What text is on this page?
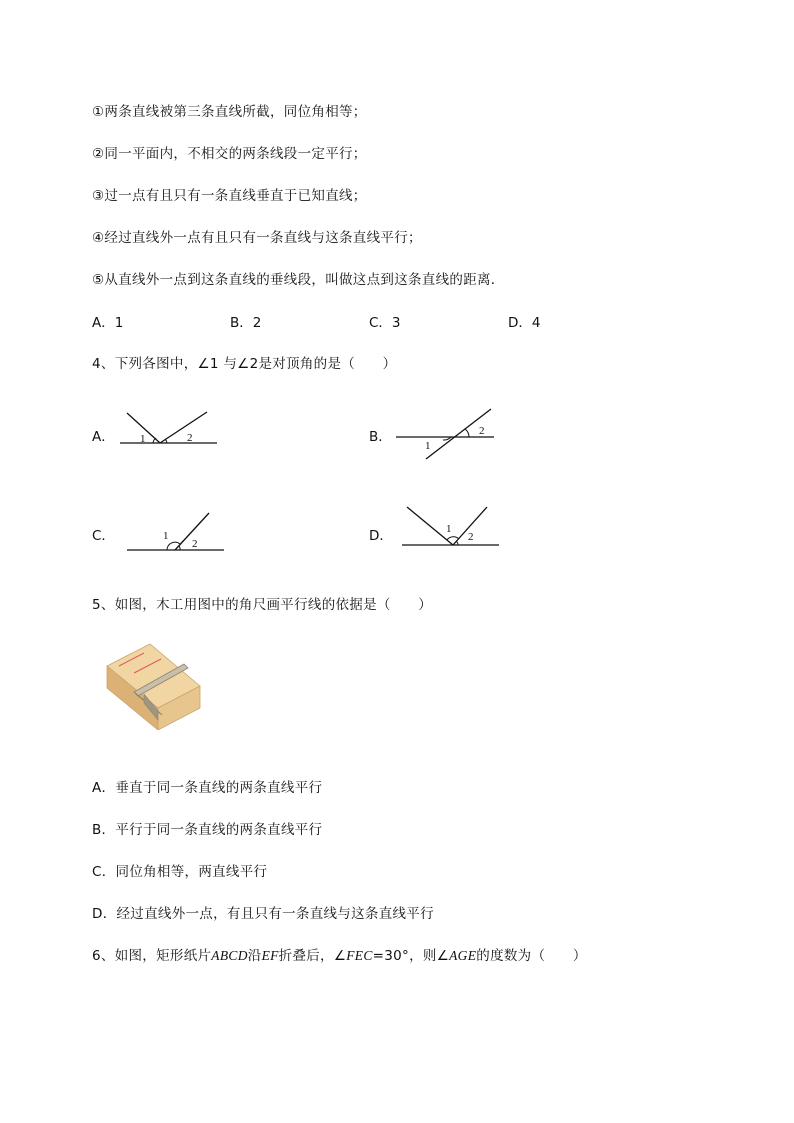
①两条直线被第三条直线所截，同位角相等；
②同一平面内，不相交的两条线段一定平行；
③过一点有且只有一条直线垂直于已知直线；
④经过直线外一点有且只有一条直线与这条直线平行；
⑤从直线外一点到这条直线的垂线段，叫做这点到这条直线的距离．
A．1	B．2	C．3	D．4
4、下列各图中，∠1 与∠2是对顶角的是（　　）
A． 1	2	B．
1
2
C．	1
2	D．	1
2
5、如图，木工用图中的角尺画平行线的依据是（　　）
A．垂直于同一条直线的两条直线平行
B．平行于同一条直线的两条直线平行
C．同位角相等，两直线平行
D．经过直线外一点，有且只有一条直线与这条直线平行
6、如图，矩形纸片ABCD沿EF折叠后，∠FEC=30°，则∠AGE的度数为（　　）
